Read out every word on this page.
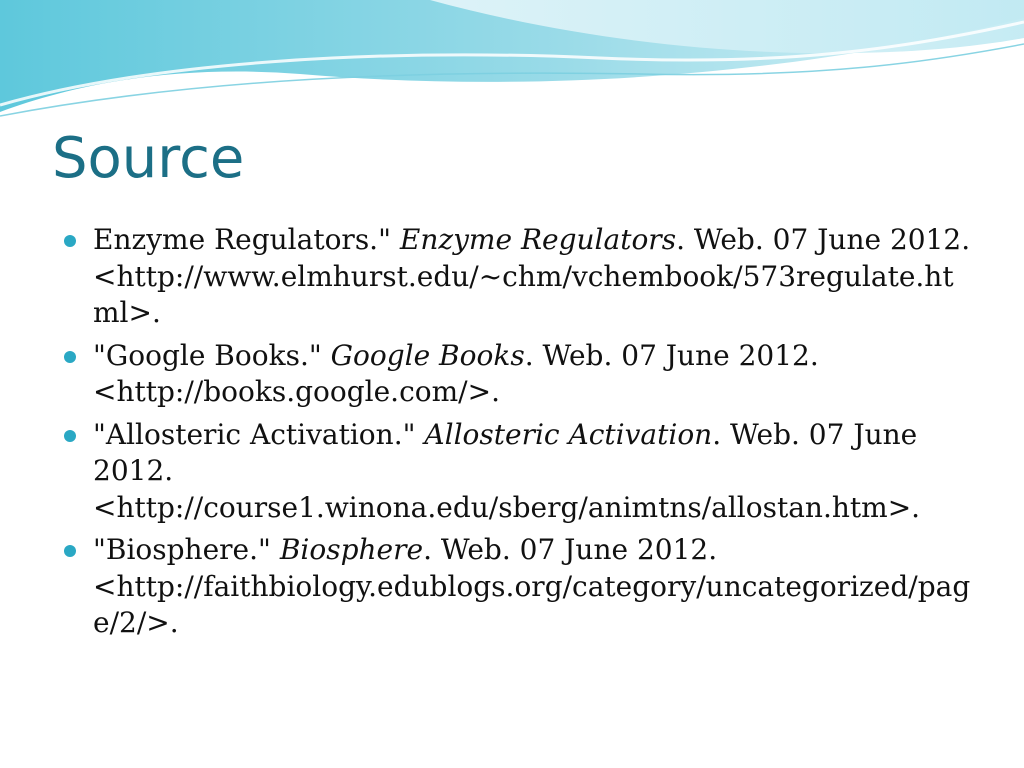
Source
Enzyme Regulators." Enzyme Regulators. Web. 07 June 2012.
<http://www.elmhurst.edu/~chm/vchembook/573regulate.html>.
"Google Books." Google Books. Web. 07 June 2012.
<http://books.google.com/>.
"Allosteric Activation." Allosteric Activation. Web. 07 June 2012.
<http://course1.winona.edu/sberg/animtns/allostan.htm>.
"Biosphere." Biosphere. Web. 07 June 2012.
<http://faithbiology.edublogs.org/category/uncategorized/page/2/>.
